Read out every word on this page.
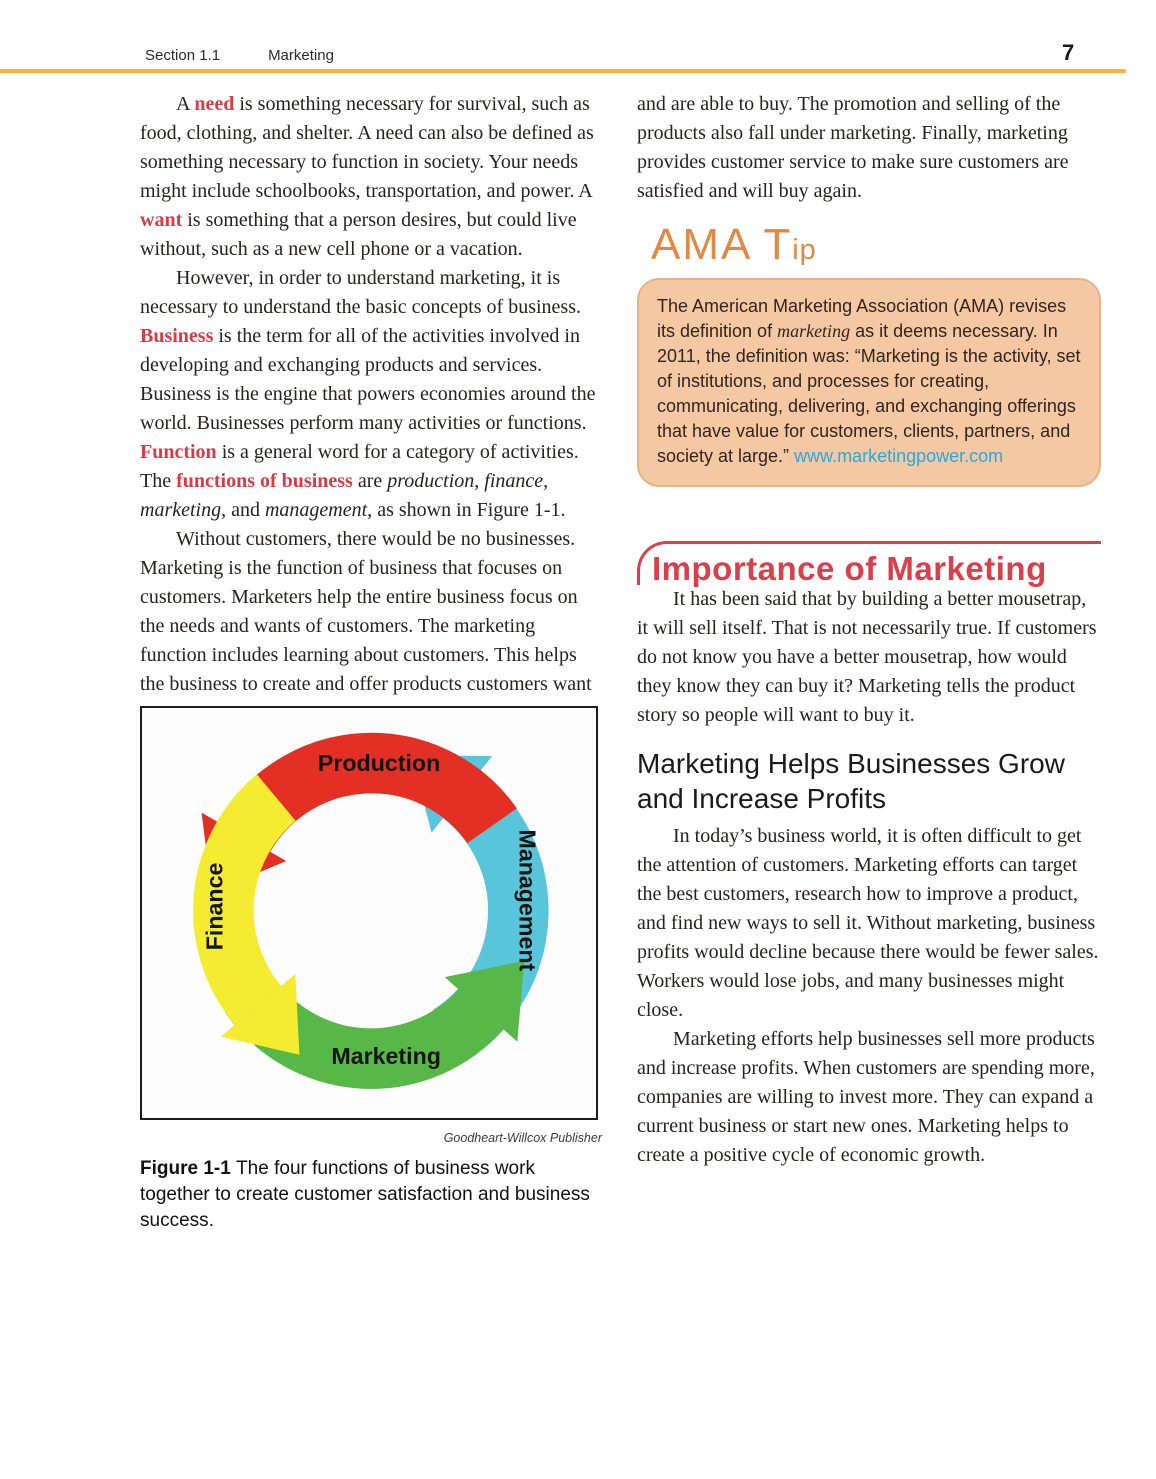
Section 1.1	Marketing	7

A need is something necessary for survival, such as food, clothing, and shelter. A need can also be defined as something necessary to function in society. Your needs might include schoolbooks, transportation, and power. A want is something that a person desires, but could live without, such as a new cell phone or a vacation.

However, in order to understand marketing, it is necessary to understand the basic concepts of business. Business is the term for all of the activities involved in developing and exchanging products and services. Business is the engine that powers economies around the world. Businesses perform many activities or functions. Function is a general word for a category of activities. The functions of business are production, finance, marketing, and management, as shown in Figure 1-1.

Without customers, there would be no businesses. Marketing is the function of business that focuses on customers. Marketers help the entire business focus on the needs and wants of customers. The marketing function includes learning about customers. This helps the business to create and offer products customers want

Production
Management
Marketing
Finance
Goodheart-Willcox Publisher
Figure 1-1 The four functions of business work together to create customer satisfaction and business success.

and are able to buy. The promotion and selling of the products also fall under marketing. Finally, marketing provides customer service to make sure customers are satisfied and will buy again.

AMA Tip
The American Marketing Association (AMA) revises its definition of marketing as it deems necessary. In 2011, the definition was: “Marketing is the activity, set of institutions, and processes for creating, communicating, delivering, and exchanging offerings that have value for customers, clients, partners, and society at large.” www.marketingpower.com
Importance of Marketing

It has been said that by building a better mousetrap, it will sell itself. That is not necessarily true. If customers do not know you have a better mousetrap, how would they know they can buy it? Marketing tells the product story so people will want to buy it.

Marketing Helps Businesses Grow and Increase Profits

In today’s business world, it is often difficult to get the attention of customers. Marketing efforts can target the best customers, research how to improve a product, and find new ways to sell it. Without marketing, business profits would decline because there would be fewer sales. Workers would lose jobs, and many businesses might close.

Marketing efforts help businesses sell more products and increase profits. When customers are spending more, companies are willing to invest more. They can expand a current business or start new ones. Marketing helps to create a positive cycle of economic growth.
